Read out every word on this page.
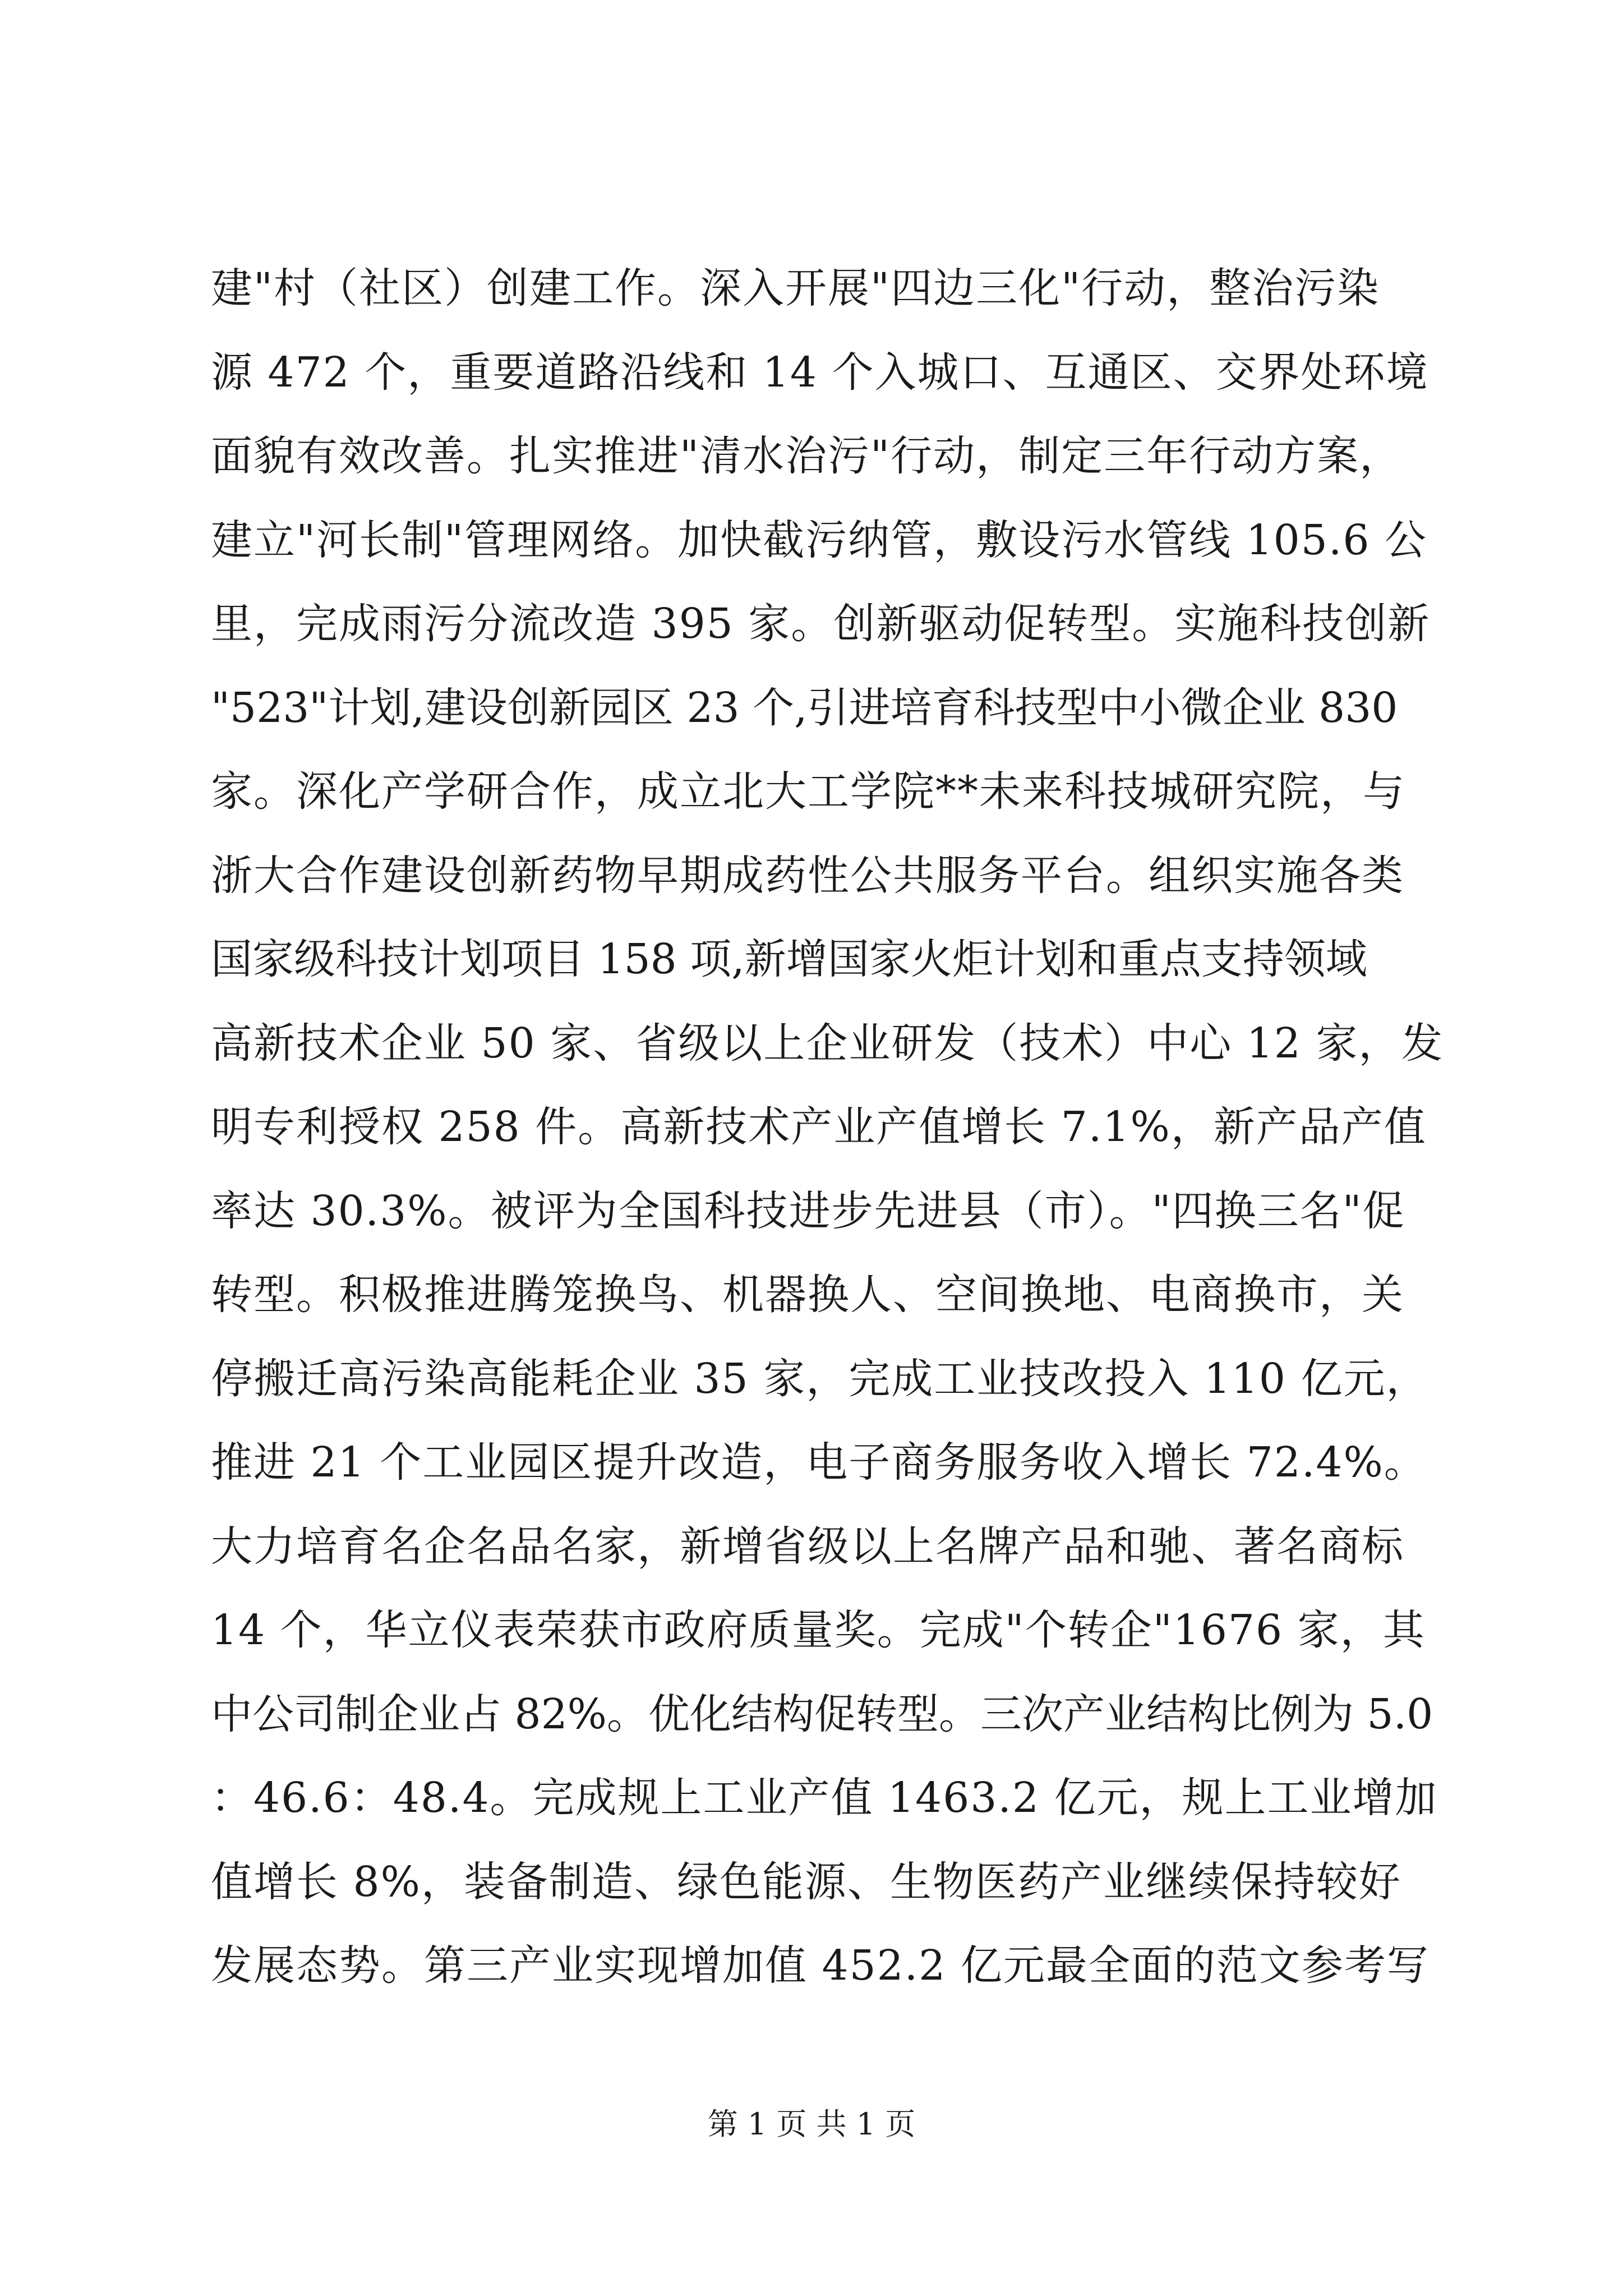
建"村（社区）创建工作。深入开展"四边三化"行动，整治污染
源 472 个，重要道路沿线和 14 个入城口、互通区、交界处环境
面貌有效改善。扎实推进"清水治污"行动，制定三年行动方案，
建立"河长制"管理网络。加快截污纳管，敷设污水管线 105.6 公
里，完成雨污分流改造 395 家。创新驱动促转型。实施科技创新
"523"计划,建设创新园区 23 个,引进培育科技型中小微企业 830
家。深化产学研合作，成立北大工学院**未来科技城研究院，与
浙大合作建设创新药物早期成药性公共服务平台。组织实施各类
国家级科技计划项目 158 项,新增国家火炬计划和重点支持领域
高新技术企业 50 家、省级以上企业研发（技术）中心 12 家，发
明专利授权 258 件。高新技术产业产值增长 7.1%，新产品产值
率达 30.3%。被评为全国科技进步先进县（市）。"四换三名"促
转型。积极推进腾笼换鸟、机器换人、空间换地、电商换市，关
停搬迁高污染高能耗企业 35 家，完成工业技改投入 110 亿元，
推进 21 个工业园区提升改造，电子商务服务收入增长 72.4%。
大力培育名企名品名家，新增省级以上名牌产品和驰、著名商标
14 个，华立仪表荣获市政府质量奖。完成"个转企"1676 家，其
中公司制企业占 82%。优化结构促转型。三次产业结构比例为 5.0
：46.6：48.4。完成规上工业产值 1463.2 亿元，规上工业增加
值增长 8%，装备制造、绿色能源、生物医药产业继续保持较好
发展态势。第三产业实现增加值 452.2 亿元最全面的范文参考写
第 1 页 共 1 页
